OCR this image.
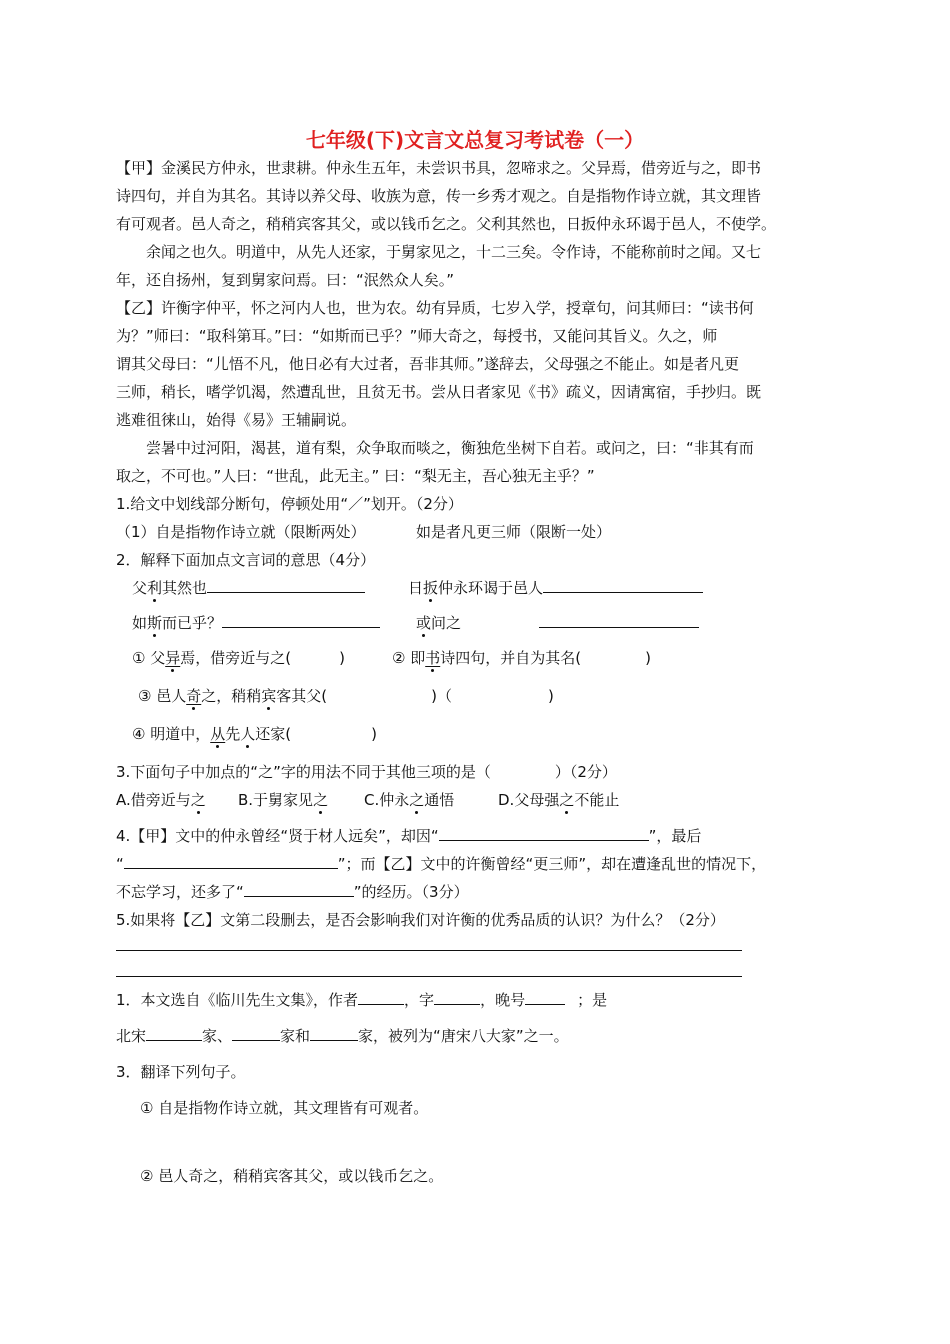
七年级(下)文言文总复习考试卷（一）
【甲】金溪民方仲永，世隶耕。仲永生五年，未尝识书具，忽啼求之。父异焉，借旁近与之，即书
诗四句，并自为其名。其诗以养父母、收族为意，传一乡秀才观之。自是指物作诗立就，其文理皆
有可观者。邑人奇之，稍稍宾客其父，或以钱币乞之。父利其然也，日扳仲永环谒于邑人，不使学。
余闻之也久。明道中，从先人还家，于舅家见之，十二三矣。令作诗，不能称前时之闻。又七
年，还自扬州，复到舅家问焉。曰：“泯然众人矣。”
【乙】许衡字仲平，怀之河内人也，世为农。幼有异质，七岁入学，授章句，问其师曰：“读书何
为？”师曰：“取科第耳。”曰：“如斯而已乎？”师大奇之，每授书，又能问其旨义。久之，师
谓其父母曰：“儿悟不凡，他日必有大过者，吾非其师。”遂辞去，父母强之不能止。如是者凡更
三师，稍长，嗜学饥渴，然遭乱世，且贫无书。尝从日者家见《书》疏义，因请寓宿，手抄归。既
逃难徂徕山，始得《易》王辅嗣说。
尝暑中过河阳，渴甚，道有梨，众争取而啖之，衡独危坐树下自若。或问之，曰：“非其有而
取之，不可也。”人曰：“世乱，此无主。” 曰：“梨无主，吾心独无主乎？”
1.给文中划线部分断句，停顿处用“／”划开。（2分）
（1）自是指物作诗立就（限断两处）	如是者凡更三师（限断一处）
2．解释下面加点文言词的意思（4分）
父利其然也	日扳仲永环谒于邑人
如斯而已乎？	或问之
① 父异焉，借旁近与之(	)	② 即书诗四句，并自为其名(	)
③ 邑人奇之，稍稍宾客其父(	)（	)
④ 明道中，从先人还家(	)
3.下面句子中加点的“之”字的用法不同于其他三项的是（	）（2分）
A.借旁近与之 B.于舅家见之 C.仲永之通悟	D.父母强之不能止
4.【甲】文中的仲永曾经“贤于材人远矣”，却因“	”，最后
“	”；而【乙】文中的许衡曾经“更三师”，却在遭逢乱世的情况下，
不忘学习，还多了“	”的经历。（3分）
5.如果将【乙】文第二段删去，是否会影响我们对许衡的优秀品质的认识？为什么？（2分）
1．本文选自《临川先生文集》，作者	，字	，晚号	；是
北宋	家、	家和	家，被列为“唐宋八大家”之一。
3．翻译下列句子。
① 自是指物作诗立就，其文理皆有可观者。
② 邑人奇之，稍稍宾客其父，或以钱币乞之。
